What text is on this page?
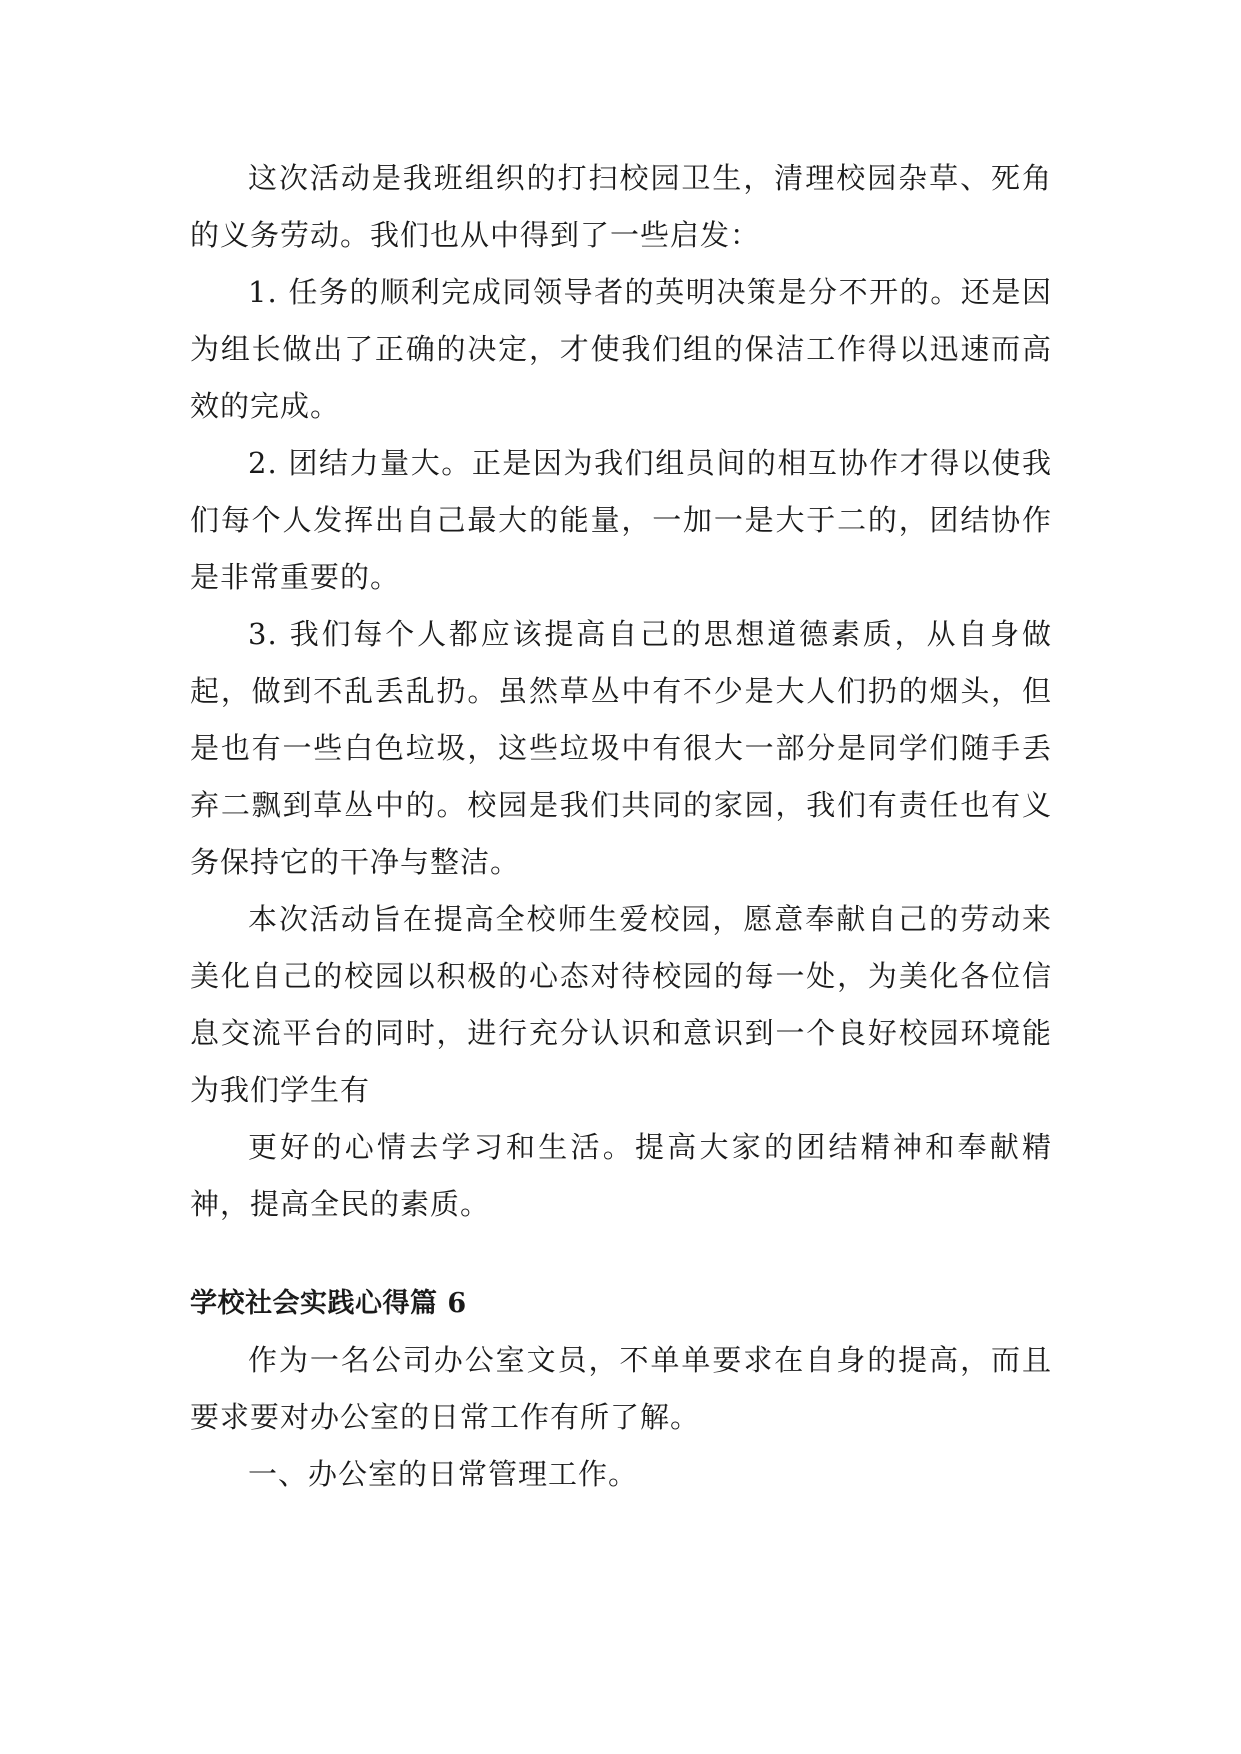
这次活动是我班组织的打扫校园卫生，清理校园杂草、死角的义务劳动。我们也从中得到了一些启发：

1. 任务的顺利完成同领导者的英明决策是分不开的。还是因为组长做出了正确的决定，才使我们组的保洁工作得以迅速而高效的完成。

2. 团结力量大。正是因为我们组员间的相互协作才得以使我们每个人发挥出自己最大的能量，一加一是大于二的，团结协作是非常重要的。

3. 我们每个人都应该提高自己的思想道德素质，从自身做起，做到不乱丢乱扔。虽然草丛中有不少是大人们扔的烟头，但是也有一些白色垃圾，这些垃圾中有很大一部分是同学们随手丢弃二飘到草丛中的。校园是我们共同的家园，我们有责任也有义务保持它的干净与整洁。

本次活动旨在提高全校师生爱校园，愿意奉献自己的劳动来美化自己的校园以积极的心态对待校园的每一处，为美化各位信息交流平台的同时，进行充分认识和意识到一个良好校园环境能为我们学生有

更好的心情去学习和生活。提高大家的团结精神和奉献精神，提高全民的素质。

学校社会实践心得篇 6

作为一名公司办公室文员，不单单要求在自身的提高，而且要求要对办公室的日常工作有所了解。

一、办公室的日常管理工作。
